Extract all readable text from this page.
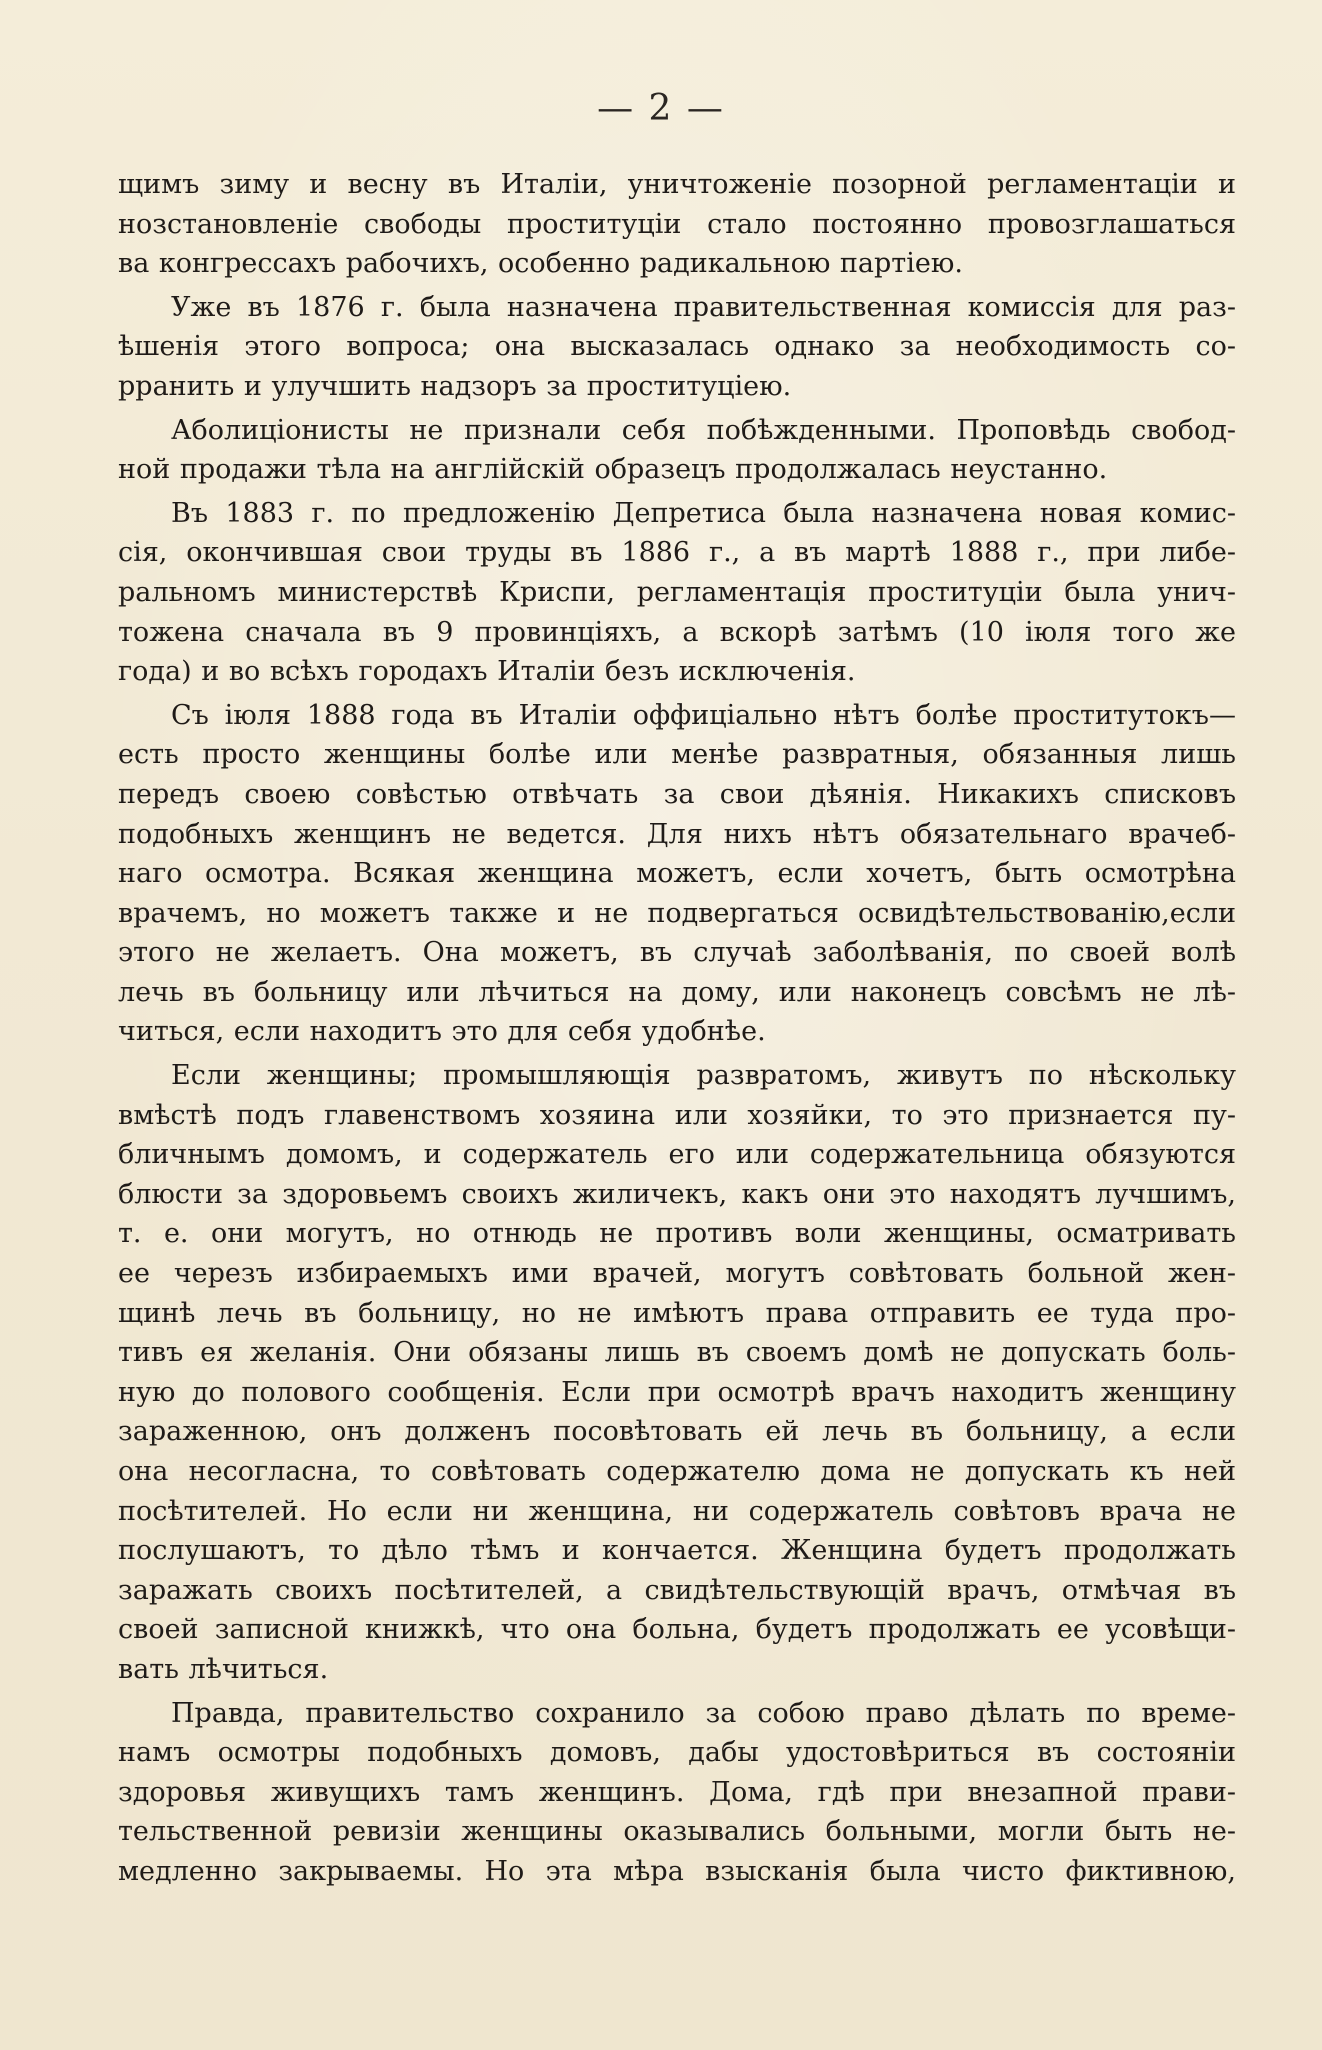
— 2 —

щимъ зиму и весну въ Италiи, уничтоженiе позорной регламентацiи и
нозстановленiе свободы проституцiи стало постоянно провозглашаться
ва конгрессахъ рабочихъ, особенно радикальною партiею.

Уже въ 1876 г. была назначена правительственная комиссiя для раз-
ѣшенiя этого вопроса; она высказалась однако за необходимость со-
рранить и улучшить надзоръ за проституцiею.

Аболицiонисты не признали себя побѣжденными. Проповѣдь свобод-
ной продажи тѣла на англiйскiй образецъ продолжалась неустанно.

Въ 1883 г. по предложенiю Депретиса была назначена новая комис-
сiя, окончившая свои труды въ 1886 г., а въ мартѣ 1888 г., при либе-
ральномъ министерствѣ Криспи, регламентацiя проституцiи была унич-
тожена сначала въ 9 провинцiяхъ, а вскорѣ затѣмъ (10 iюля того же
года) и во всѣхъ городахъ Италiи безъ исключенiя.

Съ iюля 1888 года въ Италiи оффицiально нѣтъ болѣе проститутокъ—
есть просто женщины болѣе или менѣе развратныя, обязанныя лишь
передъ своею совѣстью отвѣчать за свои дѣянiя. Никакихъ списковъ
подобныхъ женщинъ не ведется. Для нихъ нѣтъ обязательнаго врачеб-
наго осмотра. Всякая женщина можетъ, если хочетъ, быть осмотрѣна
врачемъ, но можетъ также и не подвергаться освидѣтельствованiю,если
этого не желаетъ. Она можетъ, въ случаѣ заболѣванiя, по своей волѣ
лечь въ больницу или лѣчиться на дому, или наконецъ совсѣмъ не лѣ-
читься, если находитъ это для себя удобнѣе.

Если женщины; промышляющiя развратомъ, живутъ по нѣскольку
вмѣстѣ подъ главенствомъ хозяина или хозяйки, то это признается пу-
бличнымъ домомъ, и содержатель его или содержательница обязуются
блюсти за здоровьемъ своихъ жиличекъ, какъ они это находятъ лучшимъ,
т. е. они могутъ, но отнюдь не противъ воли женщины, осматривать
ее черезъ избираемыхъ ими врачей, могутъ совѣтовать больной жен-
щинѣ лечь въ больницу, но не имѣютъ права отправить ее туда про-
тивъ ея желанiя. Они обязаны лишь въ своемъ домѣ не допускать боль-
ную до полового сообщенiя. Если при осмотрѣ врачъ находитъ женщину
зараженною, онъ долженъ посовѣтовать ей лечь въ больницу, а если
она несогласна, то совѣтовать содержателю дома не допускать къ ней
посѣтителей. Но если ни женщина, ни содержатель совѣтовъ врача не
послушаютъ, то дѣло тѣмъ и кончается. Женщина будетъ продолжать
заражать своихъ посѣтителей, а свидѣтельствующiй врачъ, отмѣчая въ
своей записной книжкѣ, что она больна, будетъ продолжать ее усовѣщи-
вать лѣчиться.

Правда, правительство сохранило за собою право дѣлать по време-
намъ осмотры подобныхъ домовъ, дабы удостовѣриться въ состоянiи
здоровья живущихъ тамъ женщинъ. Дома, гдѣ при внезапной прави-
тельственной ревизiи женщины оказывались больными, могли быть не-
медленно закрываемы. Но эта мѣра взысканiя была чисто фиктивною,
